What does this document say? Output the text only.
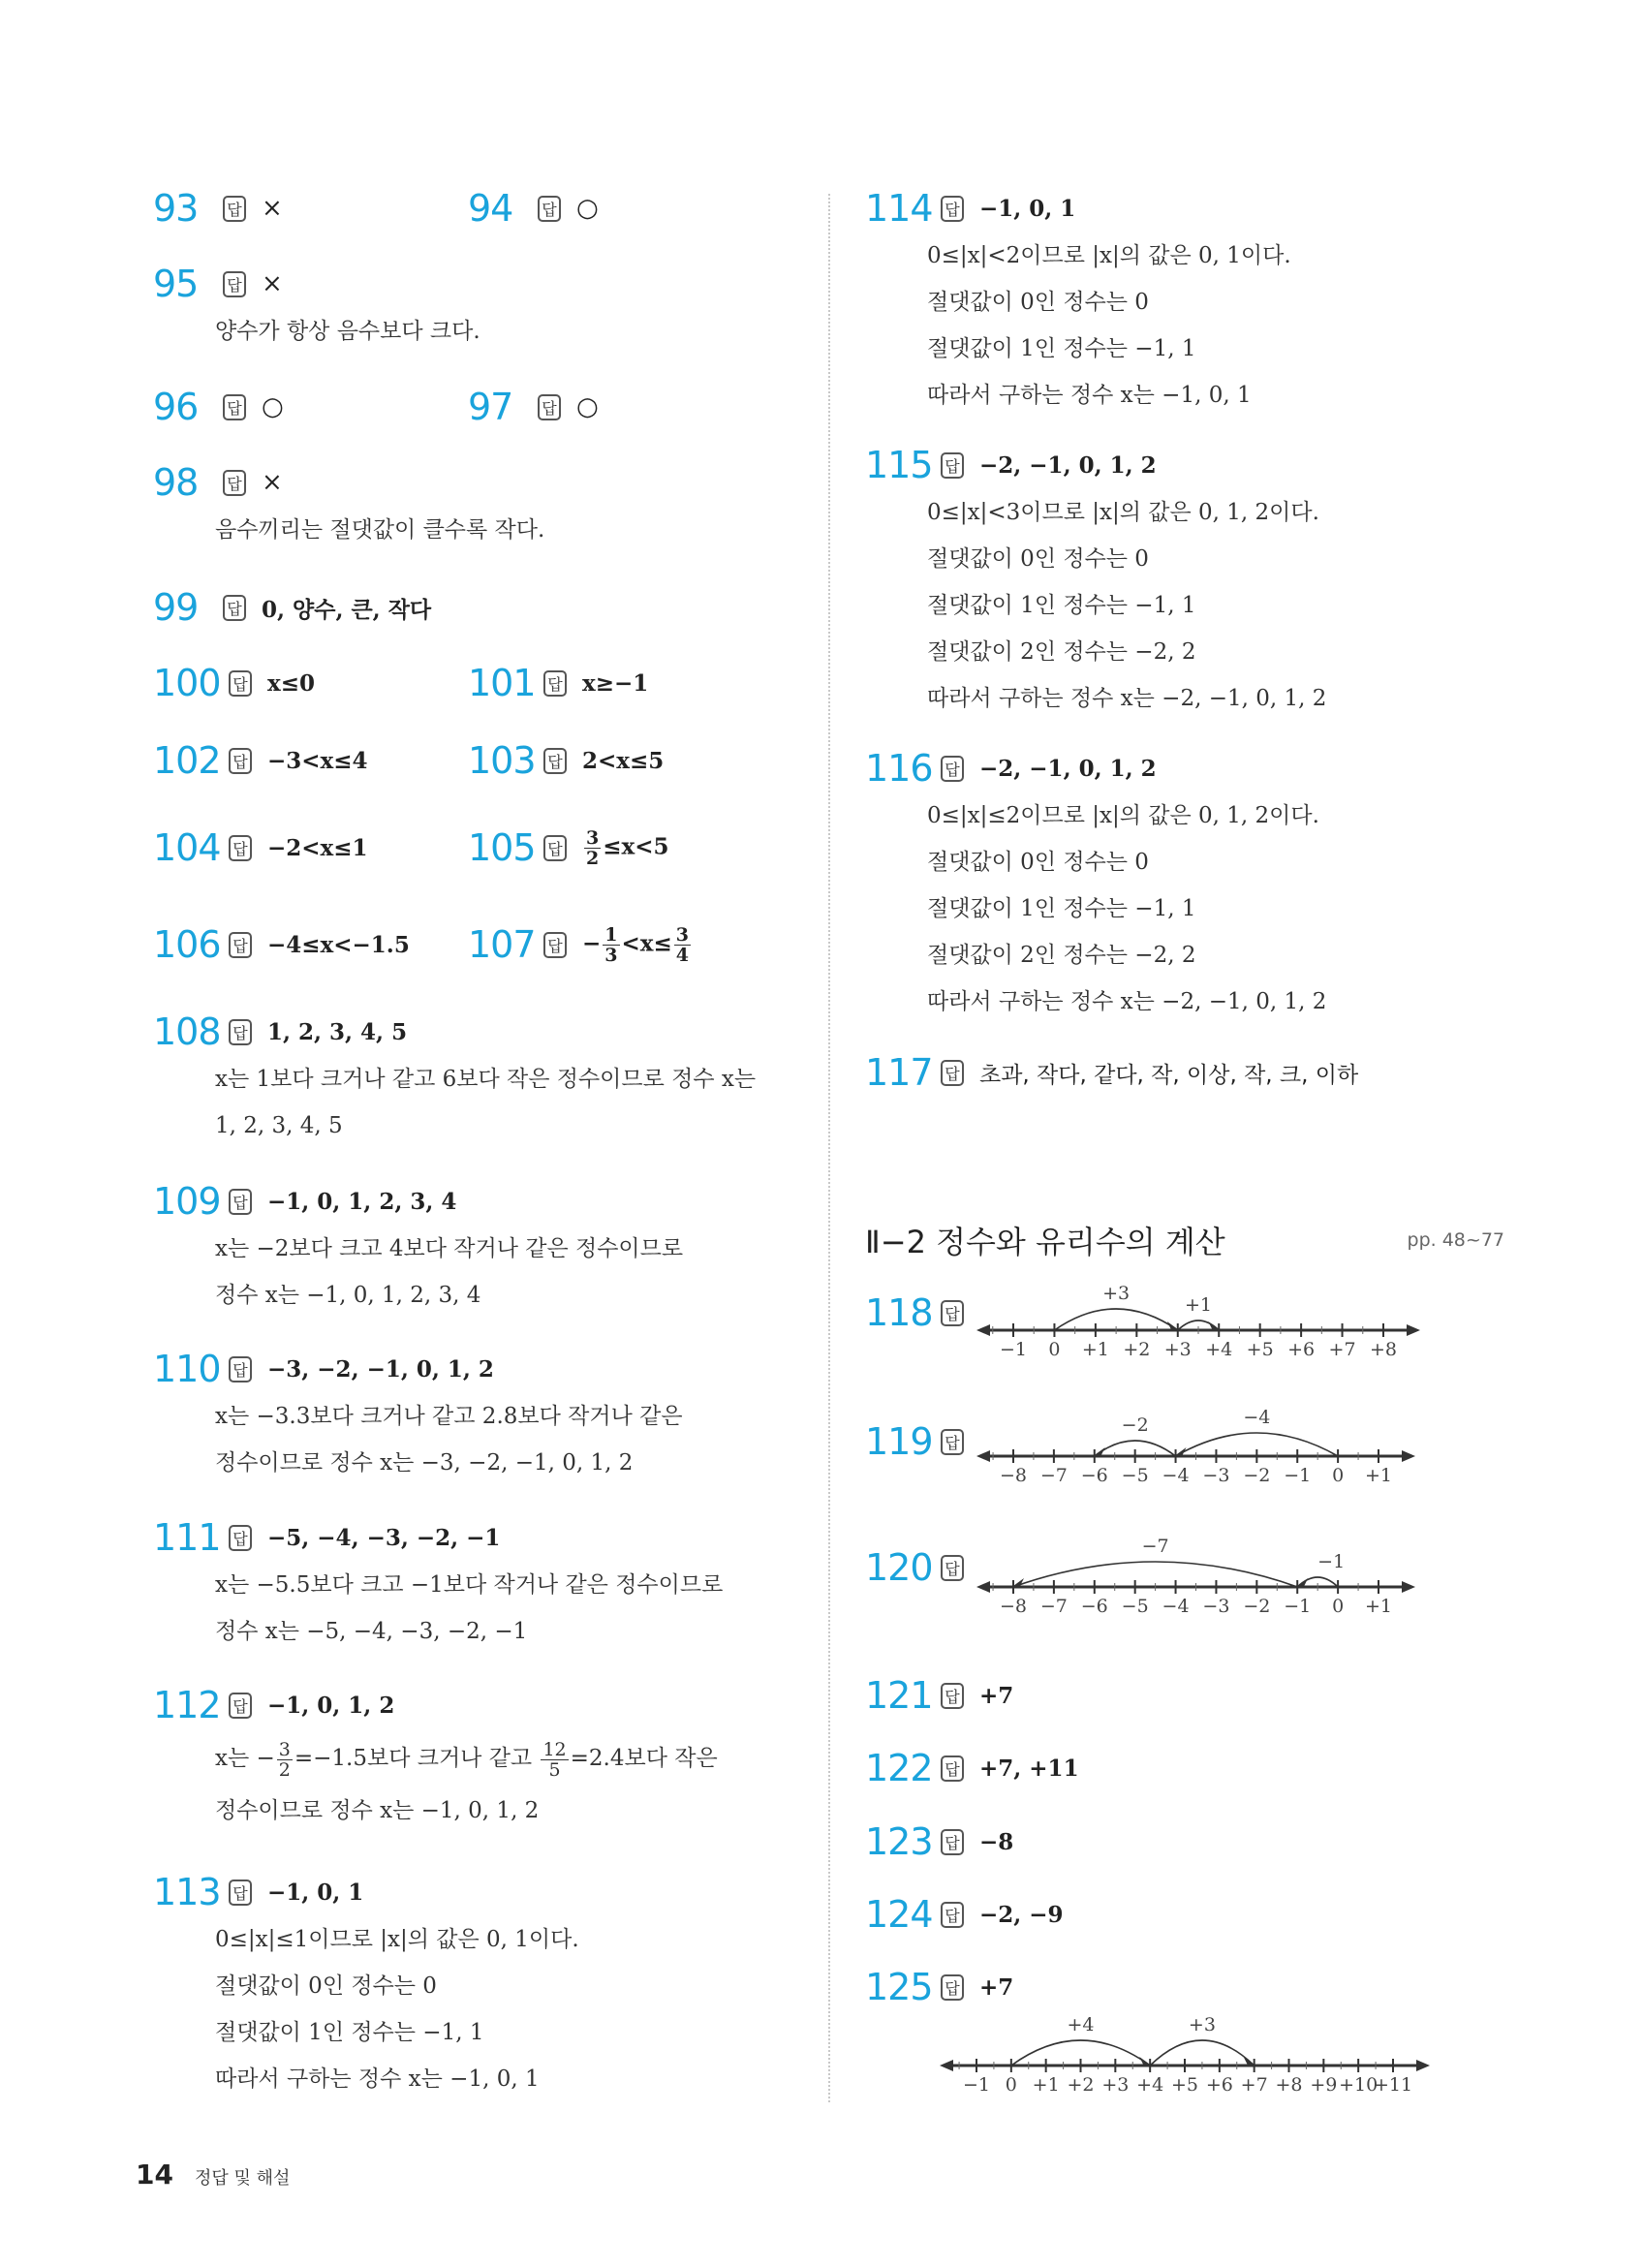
93	답 ×	94	답 ○
95	답 ×
양수가 항상 음수보다 크다.
96	답 ○	97	답 ○
98	답 ×
음수끼리는 절댓값이 클수록 작다.
99	답 0, 양수, 큰, 작다
100 답 x≤0	101 답 x≥−1
102 답 −3<x≤4	103 답 2<x≤5
104 답 −2<x≤1	105 답 $\frac{3}{2} \le x<5$
106 답 −4≤x<−1.5 107 답 − $\frac{1}{3} <x\le \frac{3}{4}$
108 답 1, 2, 3, 4, 5
x는 1보다 크거나 같고 6보다 작은 정수이므로 정수 x는
1, 2, 3, 4, 5
109 답 −1, 0, 1, 2, 3, 4
x는 −2보다 크고 4보다 작거나 같은 정수이므로
정수 x는 −1, 0, 1, 2, 3, 4
110 답 −3, −2, −1, 0, 1, 2
x는 −3.3보다 크거나 같고 2.8보다 작거나 같은
정수이므로 정수 x는 −3, −2, −1, 0, 1, 2
111 답 −5, −4, −3, −2, −1
x는 −5.5보다 크고 −1보다 작거나 같은 정수이므로
정수 x는 −5, −4, −3, −2, −1
112 답 −1, 0, 1, 2
x는 − $\frac{3}{2} =-1.5$보다 크거나 같고 $\frac{12}{5} =2.4$보다 작은
정수이므로 정수 x는 −1, 0, 1, 2
113 답 −1, 0, 1
0≤|x|≤1이므로 |x|의 값은 0, 1이다.
절댓값이 0인 정수는 0
절댓값이 1인 정수는 −1, 1
따라서 구하는 정수 x는 −1, 0, 1
114 답 −1, 0, 1
0≤|x|<2이므로 |x|의 값은 0, 1이다.
절댓값이 0인 정수는 0
절댓값이 1인 정수는 −1, 1
따라서 구하는 정수 x는 −1, 0, 1
115 답 −2, −1, 0, 1, 2
0≤|x|<3이므로 |x|의 값은 0, 1, 2이다.
절댓값이 0인 정수는 0
절댓값이 1인 정수는 −1, 1
절댓값이 2인 정수는 −2, 2
따라서 구하는 정수 x는 −2, −1, 0, 1, 2
116 답 −2, −1, 0, 1, 2
0≤|x|≤2이므로 |x|의 값은 0, 1, 2이다.
절댓값이 0인 정수는 0
절댓값이 1인 정수는 −1, 1
절댓값이 2인 정수는 −2, 2
따라서 구하는 정수 x는 −2, −1, 0, 1, 2
117 답 초과, 작다, 같다, 작, 이상, 작, 크, 이하
Ⅱ−2 정수와 유리수의 계산	pp. 48~77
118 답
−1 0 +1 +2 +3 +4 +5 +6 +7 +8
+3
+1
119 답
−8 −7 −6 −5 −4 −3 −2 −1 0 +1
−2	−4
120 답
−8 −7 −6 −5 −4 −3 −2 −1 0 +1
−7
−1
121 답 +7
122 답 +7, +11
123 답 −8
124 답 −2, −9
125 답 +7
−1 0 +1 +2 +3 +4 +5 +6 +7 +8 +9 +10
+11
+4	+3
14 정답 및 해설
